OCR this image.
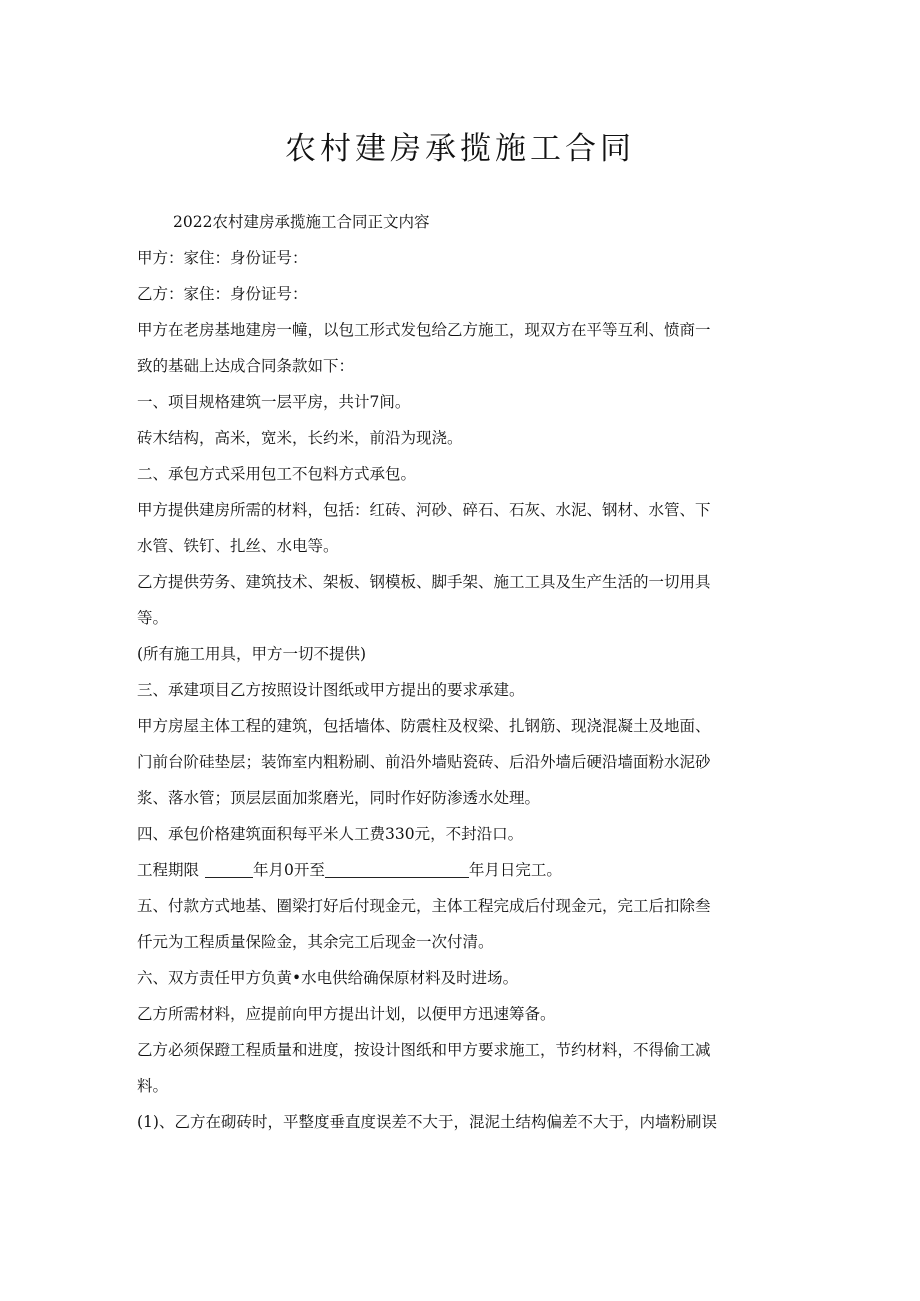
农村建房承揽施工合同

2022农村建房承揽施工合同正文内容

甲方：家住：身份证号：

乙方：家住：身份证号：

甲方在老房基地建房一幢，以包工形式发包给乙方施工，现双方在平等互利、愤商一

致的基础上达成合同条款如下：

一、项目规格建筑一层平房，共计7间。

砖木结构，高米，宽米，长约米，前沿为现浇。

二、承包方式采用包工不包料方式承包。

甲方提供建房所需的材料，包括：红砖、河砂、碎石、石灰、水泥、钢材、水管、下

水管、铁钉、扎丝、水电等。

乙方提供劳务、建筑技术、架板、钢模板、脚手架、施工工具及生产生活的一切用具

等。

(所有施工用具，甲方一切不提供)

三、承建项目乙方按照设计图纸或甲方提出的要求承建。

甲方房屋主体工程的建筑，包括墙体、防震柱及杈梁、扎钢筋、现浇混凝土及地面、

门前台阶硅垫层；装饰室内粗粉刷、前沿外墙贴瓷砖、后沿外墙后硬沿墙面粉水泥砂

浆、落水管；顶层层面加浆磨光，同时作好防渗透水处理。

四、承包价格建筑面积每平米人工费330元，不封沿口。

工程期限	年月0开至	年月日完工。

五、付款方式地基、圈梁打好后付现金元，主体工程完成后付现金元，完工后扣除叁

仟元为工程质量保险金，其余完工后现金一次付清。

六、双方责任甲方负黄•水电供给确保原材料及时进场。

乙方所需材料，应提前向甲方提出计划，以便甲方迅速筹备。

乙方必须保蹬工程质量和进度，按设计图纸和甲方要求施工，节约材料，不得偷工减

料。

(1)、乙方在砌砖时，平整度垂直度误差不大于，混泥土结构偏差不大于，内墙粉刷误
